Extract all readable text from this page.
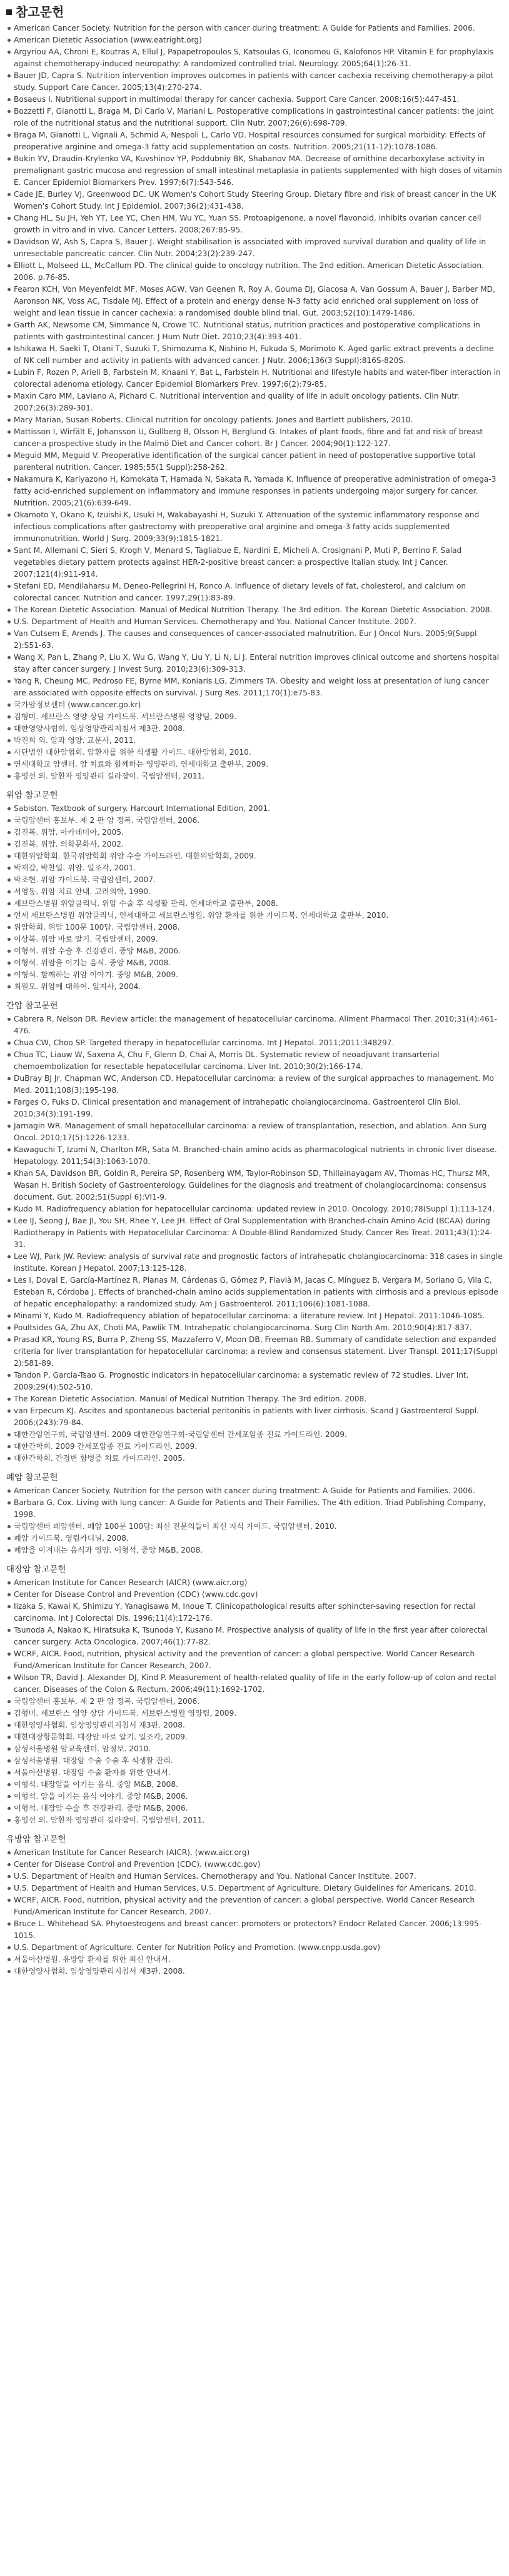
참고문헌
American Cancer Society. Nutrition for the person with cancer during treatment: A Guide for Patients and Families. 2006.
American Dietetic Association (www.eatright.org)
Argyriou AA, Chroni E, Koutras A, Ellul J, Papapetropoulos S, Katsoulas G, Iconomou G, Kalofonos HP. Vitamin E for prophylaxis against chemotherapy-induced neuropathy: A randomized controlled trial. Neurology. 2005;64(1):26-31.
Bauer JD, Capra S. Nutrition intervention improves outcomes in patients with cancer cachexia receiving chemotherapy-a pilot study. Support Care Cancer. 2005;13(4):270-274.
Bosaeus I. Nutritional support in multimodal therapy for cancer cachexia. Support Care Cancer. 2008;16(5):447-451.
Bozzetti F, Gianotti L, Braga M, Di Carlo V, Mariani L. Postoperative complications in gastrointestinal cancer patients: the joint role of the nutritional status and the nutritional support. Clin Nutr. 2007;26(6):698-709.
Braga M, Gianotti L, Vignali A, Schmid A, Nespoli L, Carlo VD. Hospital resources consumed for surgical morbidity: Effects of preoperative arginine and omega-3 fatty acid supplementation on costs. Nutrition. 2005;21(11-12):1078-1086.
Bukin YV, Draudin-Krylenko VA, Kuvshinov YP, Poddubniy BK, Shabanov MA. Decrease of ornithine decarboxylase activity in premalignant gastric mucosa and regression of small intestinal metaplasia in patients supplemented with high doses of vitamin E. Cancer Epidemiol Biomarkers Prev. 1997;6(7):543-546.
Cade JE, Burley VJ, Greenwood DC. UK Women's Cohort Study Steering Group. Dietary fibre and risk of breast cancer in the UK Women's Cohort Study. Int J Epidemiol. 2007;36(2):431-438.
Chang HL, Su JH, Yeh YT, Lee YC, Chen HM, Wu YC, Yuan SS. Protoapigenone, a novel flavonoid, inhibits ovarian cancer cell growth in vitro and in vivo. Cancer Letters. 2008;267:85-95.
Davidson W, Ash S, Capra S, Bauer J. Weight stabilisation is associated with improved survival duration and quality of life in unresectable pancreatic cancer. Clin Nutr. 2004;23(2):239-247.
Elliott L, Molseed LL, McCallum PD. The clinical guide to oncology nutrition. The 2nd edition. American Dietetic Association. 2006. p.76-85.
Fearon KCH, Von Meyenfeldt MF, Moses AGW, Van Geenen R, Roy A, Gouma DJ, Giacosa A, Van Gossum A, Bauer J, Barber MD, Aaronson NK, Voss AC, Tisdale MJ. Effect of a protein and energy dense N-3 fatty acid enriched oral supplement on loss of weight and lean tissue in cancer cachexia: a randomised double blind trial. Gut. 2003;52(10):1479-1486.
Garth AK, Newsome CM, Simmance N, Crowe TC. Nutritional status, nutrition practices and postoperative complications in patients with gastrointestinal cancer. J Hum Nutr Diet. 2010;23(4):393-401.
Ishikawa H, Saeki T, Otani T, Suzuki T, Shimozuma K, Nishino H, Fukuda S, Morimoto K. Aged garlic extract prevents a decline of NK cell number and activity in patients with advanced cancer. J Nutr. 2006;136(3 Suppl):816S-820S.
Lubin F, Rozen P, Arieli B, Farbstein M, Knaani Y, Bat L, Farbstein H. Nutritional and lifestyle habits and water-fiber interaction in colorectal adenoma etiology. Cancer Epidemiol Biomarkers Prev. 1997;6(2):79-85.
Maxin Caro MM, Laviano A, Pichard C. Nutritional intervention and quality of life in adult oncology patients. Clin Nutr. 2007;26(3):289-301.
Mary Marian, Susan Roberts. Clinical nutrition for oncology patients. Jones and Bartlett publishers, 2010.
Mattisson I, Wirfält E, Johansson U, Gullberg B, Olsson H, Berglund G. Intakes of plant foods, fibre and fat and risk of breast cancer-a prospective study in the Malmö Diet and Cancer cohort. Br J Cancer. 2004;90(1):122-127.
Meguid MM, Meguid V. Preoperative identification of the surgical cancer patient in need of postoperative supportive total parenteral nutrition. Cancer. 1985;55(1 Suppl):258-262.
Nakamura K, Kariyazono H, Komokata T, Hamada N, Sakata R, Yamada K. Influence of preoperative administration of omega-3 fatty acid-enriched supplement on inflammatory and immune responses in patients undergoing major surgery for cancer. Nutrition. 2005;21(6):639-649.
Okamoto Y, Okano K, Izuishi K, Usuki H, Wakabayashi H, Suzuki Y. Attenuation of the systemic inflammatory response and infectious complications after gastrectomy with preoperative oral arginine and omega-3 fatty acids supplemented immunonutrition. World J Surg. 2009;33(9):1815-1821.
Sant M, Allemani C, Sieri S, Krogh V, Menard S, Tagliabue E, Nardini E, Micheli A, Crosignani P, Muti P, Berrino F. Salad vegetables dietary pattern protects against HER-2-positive breast cancer: a prospective Italian study. Int J Cancer. 2007;121(4):911-914.
Stefani ED, Mendilaharsu M, Deneo-Pellegrini H, Ronco A. Influence of dietary levels of fat, cholesterol, and calcium on colorectal cancer. Nutrition and cancer. 1997;29(1):83-89.
The Korean Dietetic Association. Manual of Medical Nutrition Therapy. The 3rd edition. The Korean Dietetic Association. 2008.
U.S. Department of Health and Human Services. Chemotherapy and You. National Cancer Institute. 2007.
Van Cutsem E, Arends J. The causes and consequences of cancer-associated malnutrition. Eur J Oncol Nurs. 2005;9(Suppl 2):S51-63.
Wang X, Pan L, Zhang P, Liu X, Wu G, Wang Y, Liu Y, Li N, Li J. Enteral nutrition improves clinical outcome and shortens hospital stay after cancer surgery. J Invest Surg. 2010;23(6):309-313.
Yang R, Cheung MC, Pedroso FE, Byrne MM, Koniaris LG, Zimmers TA. Obesity and weight loss at presentation of lung cancer are associated with opposite effects on survival. J Surg Res. 2011;170(1):e75-83.
국가암정보센터 (www.cancer.go.kr)
김형미. 세브란스 영양 상담 가이드북. 세브란스병원 영양팀, 2009.
대한영양사협회. 임상영양관리지침서 제3판. 2008.
박진희 외. 암과 영양. 교문사, 2011.
사단법인 대한암협회. 암환자를 위한 식생활 가이드. 대한암협회, 2010.
연세대학교 암센터. 암 치료와 함께하는 영양관리. 연세대학교 출판부, 2009.
홍영선 외. 암환자 영양관리 길라잡이. 국립암센터, 2011.
위암 참고문헌
Sabiston. Textbook of surgery. Harcourt International Edition, 2001.
국립암센터 홍보부. 제 2 판 암 정복. 국립암센터, 2006.
김진복. 위암. 아카데미아, 2005.
김진복. 위암. 의학문화사, 2002.
대한위암학회. 한국위암학회 위암 수술 가이드라인. 대한위암학회, 2009.
박재갑, 박찬일. 위암. 일조각, 2001.
박조현. 위암 가이드북. 국립암센터, 2007.
서영동. 위암 치료 안내. 고려의학, 1990.
세브란스병원 위암클리닉. 위암 수술 후 식생활 관리. 연세대학교 출판부, 2008.
연세 세브란스병원 위암클리닉, 연세대학교 세브란스병원. 위암 환자를 위한 가이드북. 연세대학교 출판부, 2010.
위암학회. 위암 100문 100답. 국립암센터, 2008.
이상복. 위암 바로 알기. 국립암센터, 2009.
이형석. 위암 수술 후 건강관리. 중앙 M&B, 2006.
이형석. 위암을 이기는 음식. 중앙 M&B, 2008.
이형석. 함께하는 위암 이야기. 중앙 M&B, 2009.
최원모. 위암에 대하여. 일지사, 2004.
간암 참고문헌
Cabrera R, Nelson DR. Review article: the management of hepatocellular carcinoma. Aliment Pharmacol Ther. 2010;31(4):461-476.
Chua CW, Choo SP. Targeted therapy in hepatocellular carcinoma. Int J Hepatol. 2011;2011:348297.
Chua TC, Liauw W, Saxena A, Chu F, Glenn D, Chai A, Morris DL. Systematic review of neoadjuvant transarterial chemoembolization for resectable hepatocellular carcinoma. Liver Int. 2010;30(2):166-174.
DuBray BJ Jr, Chapman WC, Anderson CD. Hepatocellular carcinoma: a review of the surgical approaches to management. Mo Med. 2011;108(3):195-198.
Farges O, Fuks D. Clinical presentation and management of intrahepatic cholangiocarcinoma. Gastroenterol Clin Biol. 2010;34(3):191-199.
Jarnagin WR. Management of small hepatocellular carcinoma: a review of transplantation, resection, and ablation. Ann Surg Oncol. 2010;17(5):1226-1233.
Kawaguchi T, Izumi N, Charlton MR, Sata M. Branched-chain amino acids as pharmacological nutrients in chronic liver disease. Hepatology. 2011;54(3):1063-1070.
Khan SA, Davidson BR, Goldin R, Pereira SP, Rosenberg WM, Taylor-Robinson SD, Thillainayagam AV, Thomas HC, Thursz MR, Wasan H. British Society of Gastroenterology. Guidelines for the diagnosis and treatment of cholangiocarcinoma: consensus document. Gut. 2002;51(Suppl 6):VI1-9.
Kudo M. Radiofrequency ablation for hepatocellular carcinoma: updated review in 2010. Oncology. 2010;78(Suppl 1):113-124.
Lee IJ, Seong J, Bae JI, You SH, Rhee Y, Lee JH. Effect of Oral Supplementation with Branched-chain Amino Acid (BCAA) during Radiotherapy in Patients with Hepatocellular Carcinoma: A Double-Blind Randomized Study. Cancer Res Treat. 2011;43(1):24-31.
Lee WJ, Park JW. Review: analysis of survival rate and prognostic factors of intrahepatic cholangiocarcinoma: 318 cases in single institute. Korean J Hepatol. 2007;13:125-128.
Les I, Doval E, García-Martínez R, Planas M, Cárdenas G, Gómez P, Flavià M, Jacas C, Mínguez B, Vergara M, Soriano G, Vila C, Esteban R, Córdoba J. Effects of branched-chain amino acids supplementation in patients with cirrhosis and a previous episode of hepatic encephalopathy: a randomized study. Am J Gastroenterol. 2011;106(6):1081-1088.
Minami Y, Kudo M. Radiofrequency ablation of hepatocellular carcinoma: a literature review. Int J Hepatol. 2011:1046-1085.
Poultsides GA, Zhu AX, Choti MA, Pawlik TM. Intrahepatic cholangiocarcinoma. Surg Clin North Am. 2010;90(4):817-837.
Prasad KR, Young RS, Burra P, Zheng SS, Mazzaferro V, Moon DB, Freeman RB. Summary of candidate selection and expanded criteria for liver transplantation for hepatocellular carcinoma: a review and consensus statement. Liver Transpl. 2011;17(Suppl 2):S81-89.
Tandon P, Garcia-Tsao G. Prognostic indicators in hepatocellular carcinoma: a systematic review of 72 studies. Liver Int. 2009;29(4):502-510.
The Korean Dietetic Association. Manual of Medical Nutrition Therapy. The 3rd edition. 2008.
van Erpecum KJ. Ascites and spontaneous bacterial peritonitis in patients with liver cirrhosis. Scand J Gastroenterol Suppl. 2006;(243):79-84.
대한간암연구회, 국립암센터. 2009 대한간암연구회-국립암센터 간세포암종 진료 가이드라인. 2009.
대한간학회. 2009 간세포암종 진료 가이드라인. 2009.
대한간학회. 간경변 합병증 치료 가이드라인. 2005.
폐암 참고문헌
American Cancer Society. Nutrition for the person with cancer during treatment: A Guide for Patients and Families. 2006.
Barbara G. Cox. Living with lung cancer: A Guide for Patients and Their Families. The 4th edition. Triad Publishing Company, 1998.
국립암센터 폐암센터. 폐암 100문 100답: 최신 전문의들이 최신 지식 가이드. 국립암센터, 2010.
폐암 가이드북. 영림카디널, 2008.
폐암을 이겨내는 음식과 영양. 이형석, 중앙 M&B, 2008.
대장암 참고문헌
American Institute for Cancer Research (AICR) (www.aicr.org)
Center for Disease Control and Prevention (CDC) (www.cdc.gov)
Iizaka S, Kawai K, Shimizu Y, Yanagisawa M, Inoue T. Clinicopathological results after sphincter-saving resection for rectal carcinoma. Int J Colorectal Dis. 1996;11(4):172-176.
Tsunoda A, Nakao K, Hiratsuka K, Tsunoda Y, Kusano M. Prospective analysis of quality of life in the first year after colorectal cancer surgery. Acta Oncologica. 2007;46(1):77-82.
WCRF, AICR. Food, nutrition, physical activity and the prevention of cancer: a global perspective. World Cancer Research Fund/American Institute for Cancer Research, 2007.
Wilson TR, David J. Alexander DJ, Kind P. Measurement of health-related quality of life in the early follow-up of colon and rectal cancer. Diseases of the Colon & Rectum. 2006;49(11):1692-1702.
국립암센터 홍보부. 제 2 판 암 정복. 국립암센터, 2006.
김형미. 세브란스 영양 상담 가이드북. 세브란스병원 영양팀, 2009.
대한영양사협회. 임상영양관리지침서 제3판. 2008.
대한대장항문학회. 대장암 바로 알기. 일조각, 2009.
삼성서울병원 암교육센터. 암정보. 2010.
삼성서울병원. 대장암 수술 수술 후 식생활 관리.
서울아산병원. 대장암 수술 환자를 위한 안내서.
이형석. 대장암을 이기는 음식. 중앙 M&B, 2008.
이형석. 암을 이기는 음식 이야기. 중앙 M&B, 2006.
이형석. 대장암 수술 후 건강관리. 중앙 M&B, 2006.
홍영선 외. 암환자 영양관리 길라잡이. 국립암센터, 2011.
유방암 참고문헌
American Institute for Cancer Research (AICR). (www.aicr.org)
Center for Disease Control and Prevention (CDC). (www.cdc.gov)
U.S. Department of Health and Human Services. Chemotherapy and You. National Cancer Institute. 2007.
U.S. Department of Health and Human Services, U.S. Department of Agriculture. Dietary Guidelines for Americans. 2010.
WCRF, AICR. Food, nutrition, physical activity and the prevention of cancer: a global perspective. World Cancer Research Fund/American Institute for Cancer Research, 2007.
Bruce L. Whitehead SA. Phytoestrogens and breast cancer: promoters or protectors? Endocr Related Cancer. 2006;13:995-1015.
U.S. Department of Agriculture. Center for Nutrition Policy and Promotion. (www.cnpp.usda.gov)
서울아산병원. 유방암 환자를 위한 최신 안내서.
대한영양사협회. 임상영양관리지침서 제3판. 2008.
